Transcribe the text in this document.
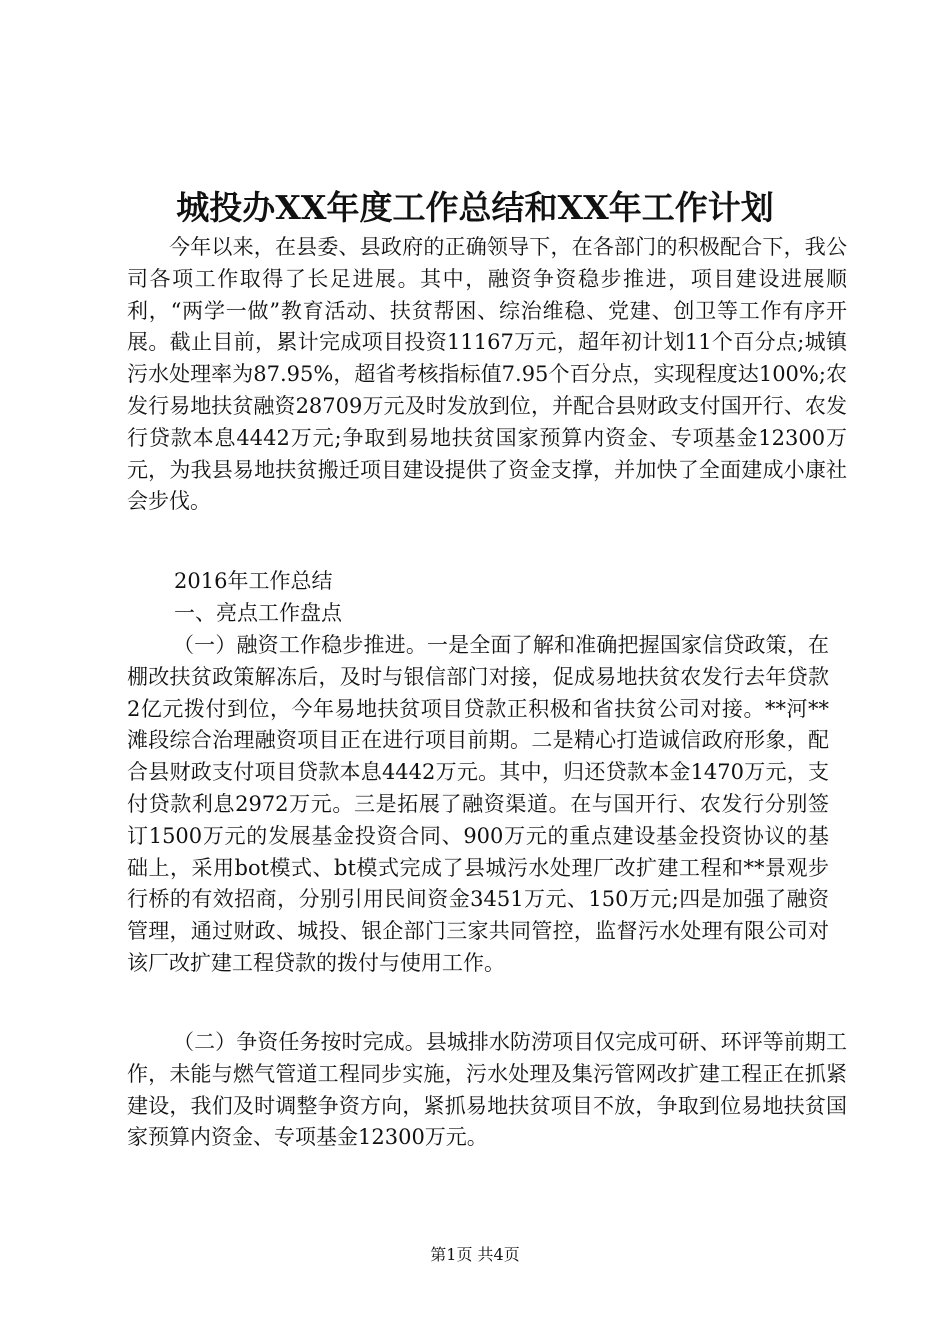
城投办XX年度工作总结和XX年工作计划
今年以来，在县委、县政府的正确领导下，在各部门的积极配合下，我公司各项工作取得了长足进展。其中，融资争资稳步推进，项目建设进展顺利，“两学一做”教育活动、扶贫帮困、综治维稳、党建、创卫等工作有序开展。截止目前，累计完成项目投资11167万元，超年初计划11个百分点;城镇污水处理率为87.95%，超省考核指标值7.95个百分点，实现程度达100%;农发行易地扶贫融资28709万元及时发放到位，并配合县财政支付国开行、农发行贷款本息4442万元;争取到易地扶贫国家预算内资金、专项基金12300万元，为我县易地扶贫搬迁项目建设提供了资金支撑，并加快了全面建成小康社会步伐。
2016年工作总结
一、亮点工作盘点
（一）融资工作稳步推进。一是全面了解和准确把握国家信贷政策，在棚改扶贫政策解冻后，及时与银信部门对接，促成易地扶贫农发行去年贷款2亿元拨付到位，今年易地扶贫项目贷款正积极和省扶贫公司对接。**河**滩段综合治理融资项目正在进行项目前期。二是精心打造诚信政府形象，配合县财政支付项目贷款本息4442万元。其中，归还贷款本金1470万元，支付贷款利息2972万元。三是拓展了融资渠道。在与国开行、农发行分别签订1500万元的发展基金投资合同、900万元的重点建设基金投资协议的基础上，采用bot模式、bt模式完成了县城污水处理厂改扩建工程和**景观步行桥的有效招商，分别引用民间资金3451万元、150万元;四是加强了融资管理，通过财政、城投、银企部门三家共同管控，监督污水处理有限公司对该厂改扩建工程贷款的拨付与使用工作。
（二）争资任务按时完成。县城排水防涝项目仅完成可研、环评等前期工作，未能与燃气管道工程同步实施，污水处理及集污管网改扩建工程正在抓紧建设，我们及时调整争资方向，紧抓易地扶贫项目不放，争取到位易地扶贫国家预算内资金、专项基金12300万元。
第1页 共4页
